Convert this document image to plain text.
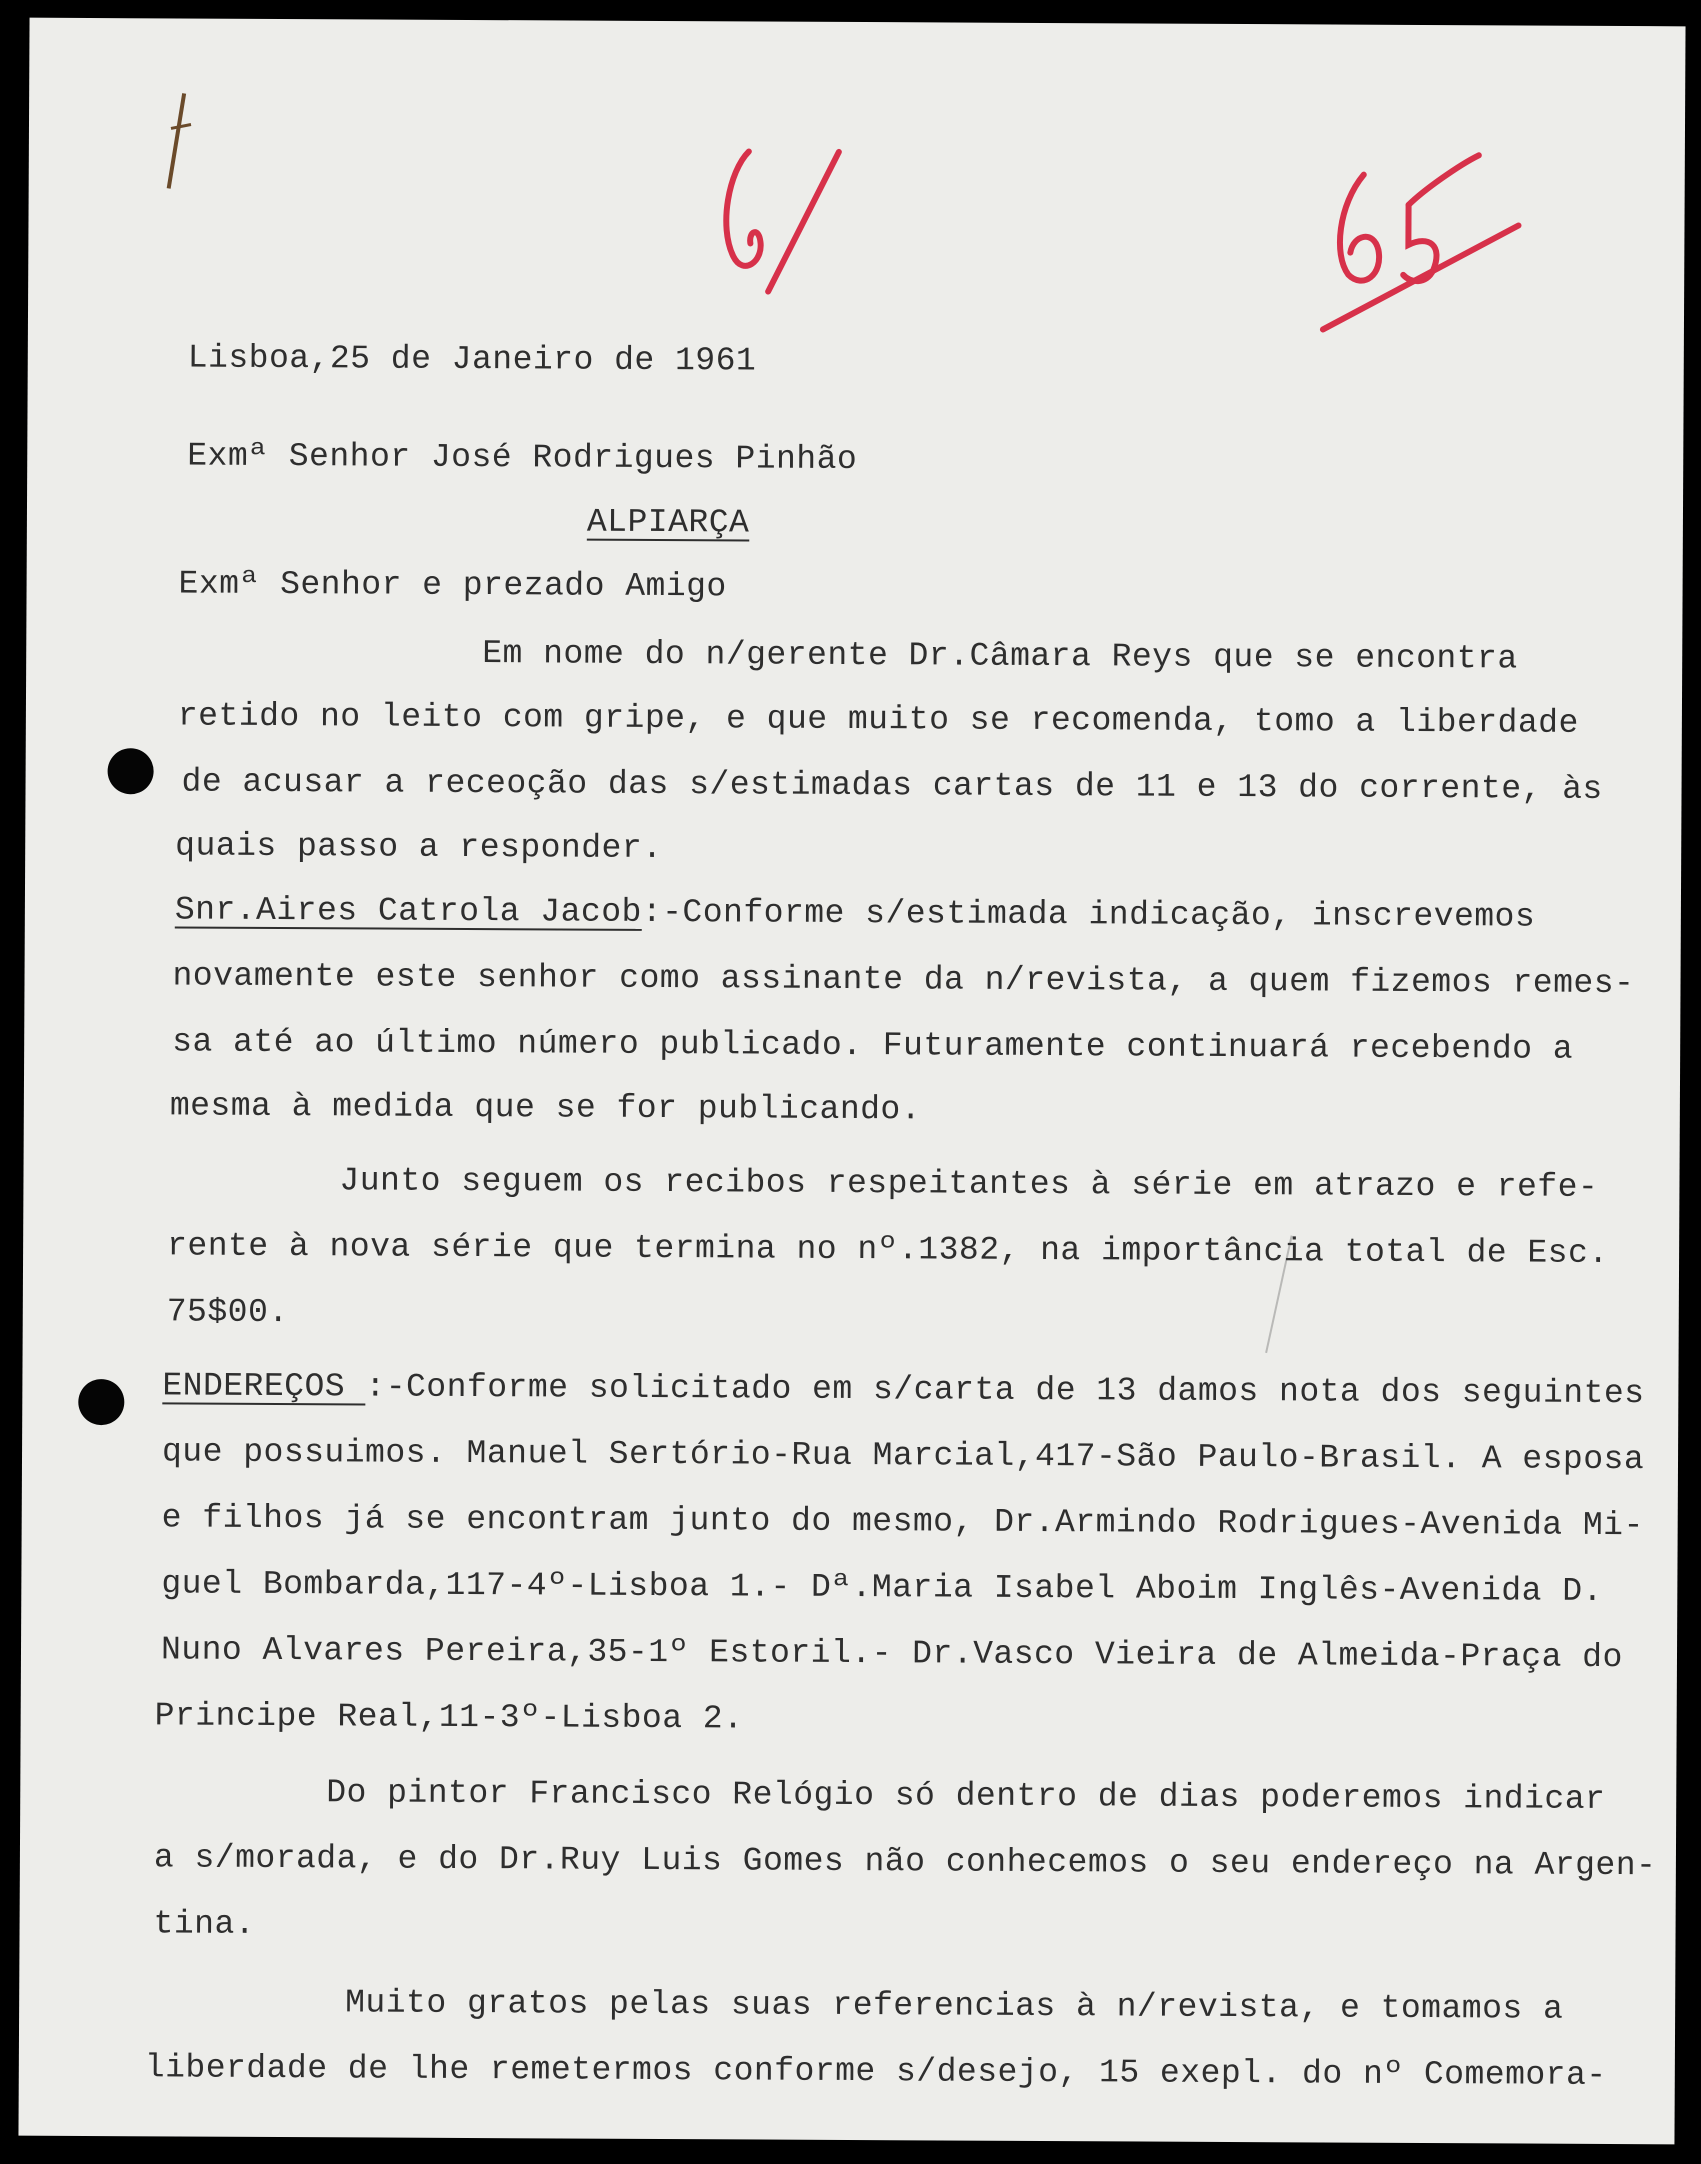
Lisboa,25 de Janeiro de 1961
Exmª Senhor José Rodrigues Pinhão
ALPIARÇA
Exmª Senhor e prezado Amigo
Em nome do n/gerente Dr.Câmara Reys que se encontra
retido no leito com gripe, e que muito se recomenda, tomo a liberdade
de acusar a receoção das s/estimadas cartas de 11 e 13 do corrente, às
quais passo a responder.
Snr.Aires Catrola Jacob:-Conforme s/estimada indicação, inscrevemos
novamente este senhor como assinante da n/revista, a quem fizemos remes-
sa até ao último número publicado. Futuramente continuará recebendo a
mesma à medida que se for publicando.
Junto seguem os recibos respeitantes à série em atrazo e refe-
rente à nova série que termina no nº.1382, na importância total de Esc.
75$00.
ENDEREÇOS :-Conforme solicitado em s/carta de 13 damos nota dos seguintes
que possuimos. Manuel Sertório-Rua Marcial,417-São Paulo-Brasil. A esposa
e filhos já se encontram junto do mesmo, Dr.Armindo Rodrigues-Avenida Mi-
guel Bombarda,117-4º-Lisboa 1.- Dª.Maria Isabel Aboim Inglês-Avenida D.
Nuno Alvares Pereira,35-1º Estoril.- Dr.Vasco Vieira de Almeida-Praça do
Principe Real,11-3º-Lisboa 2.
Do pintor Francisco Relógio só dentro de dias poderemos indicar
a s/morada, e do Dr.Ruy Luis Gomes não conhecemos o seu endereço na Argen-
tina.
Muito gratos pelas suas referencias à n/revista, e tomamos a
liberdade de lhe remetermos conforme s/desejo, 15 exepl. do nº Comemora-
